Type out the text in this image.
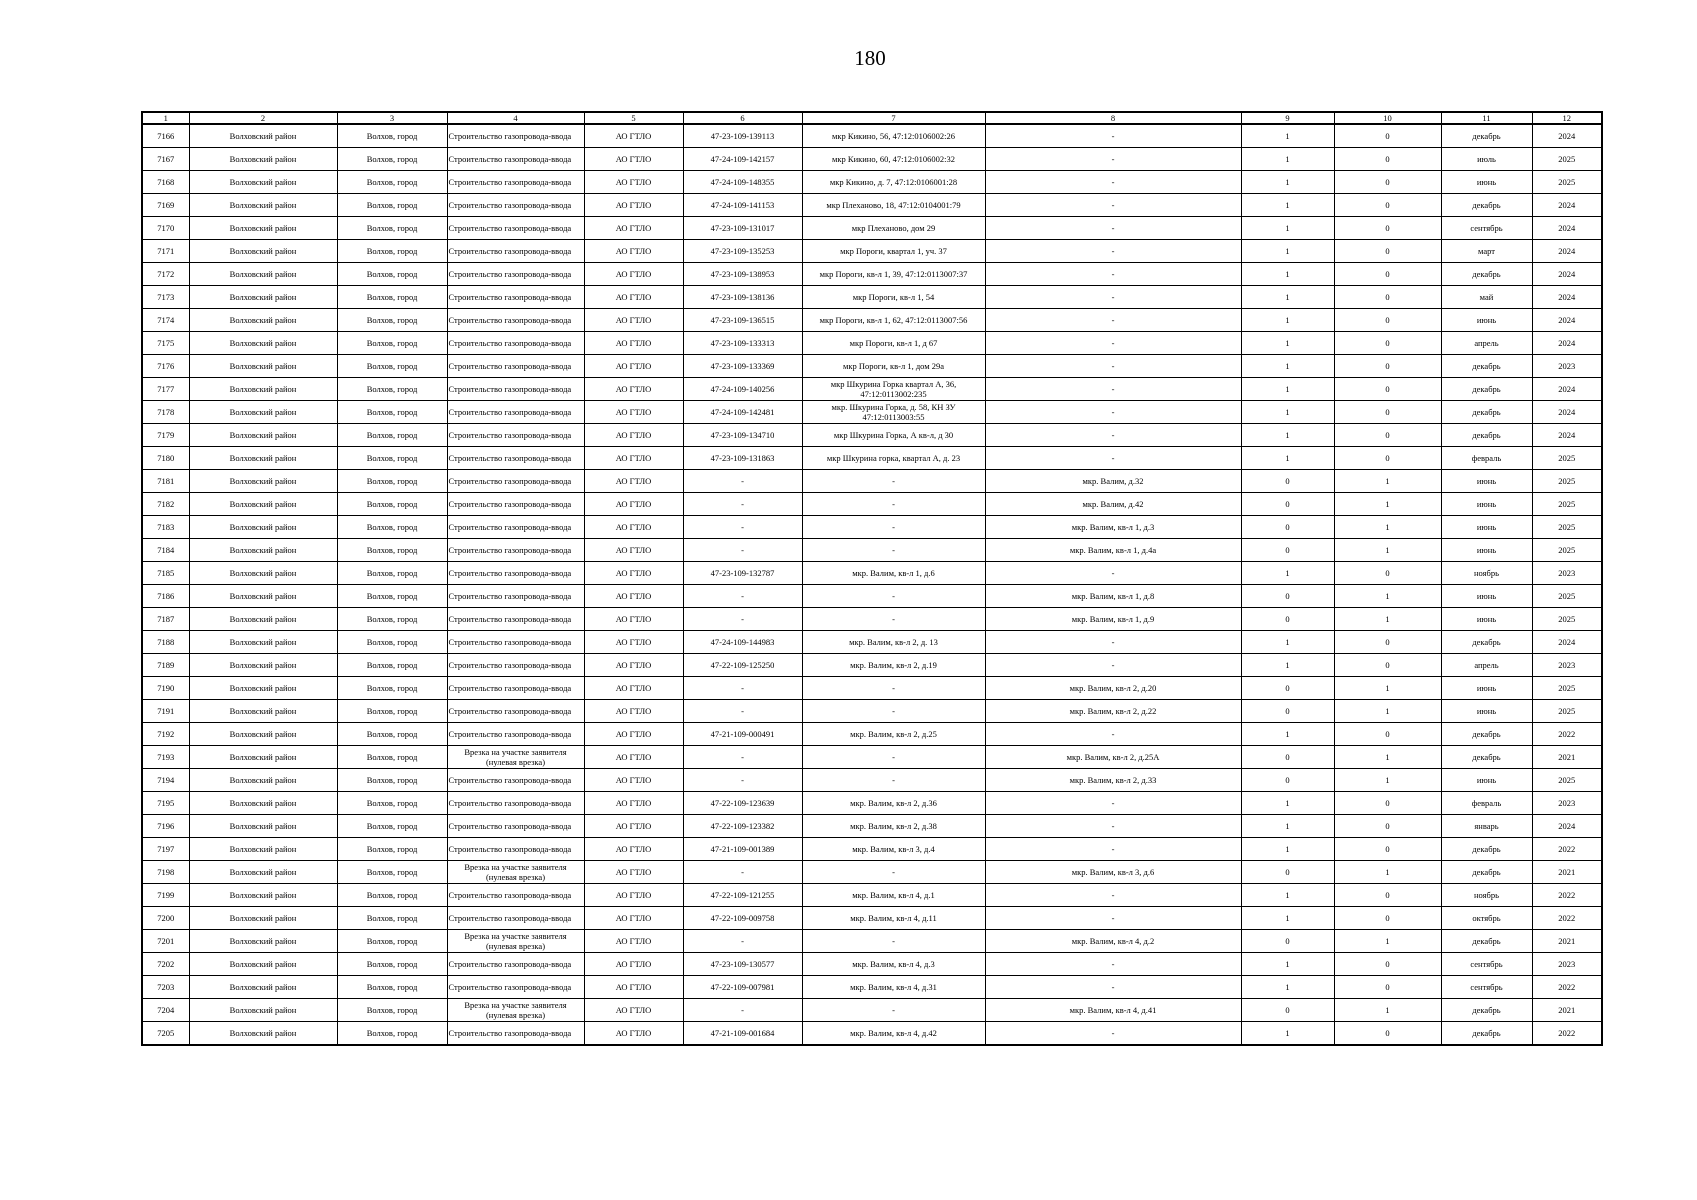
180
1	2	3	4	5	6	7	8	9	10	11	12
7166	Волховский район	Волхов, город	Строительство газопровода-ввода	АО ГТЛО	47-23-109-139113	мкр Кикино, 56, 47:12:0106002:26	-	1	0	декабрь	2024
7167	Волховский район	Волхов, город	Строительство газопровода-ввода	АО ГТЛО	47-24-109-142157	мкр Кикино, 60, 47:12:0106002:32	-	1	0	июль	2025
7168	Волховский район	Волхов, город	Строительство газопровода-ввода	АО ГТЛО	47-24-109-148355	мкр Кикино, д. 7, 47:12:0106001:28	-	1	0	июнь	2025
7169	Волховский район	Волхов, город	Строительство газопровода-ввода	АО ГТЛО	47-24-109-141153	мкр Плеханово, 18, 47:12:0104001:79	-	1	0	декабрь	2024
7170	Волховский район	Волхов, город	Строительство газопровода-ввода	АО ГТЛО	47-23-109-131017	мкр Плеханово, дом 29	-	1	0	сентябрь	2024
7171	Волховский район	Волхов, город	Строительство газопровода-ввода	АО ГТЛО	47-23-109-135253	мкр Пороги, квартал 1, уч. 37	-	1	0	март	2024
7172	Волховский район	Волхов, город	Строительство газопровода-ввода	АО ГТЛО	47-23-109-138953	мкр Пороги, кв-л 1, 39, 47:12:0113007:37	-	1	0	декабрь	2024
7173	Волховский район	Волхов, город	Строительство газопровода-ввода	АО ГТЛО	47-23-109-138136	мкр Пороги, кв-л 1, 54	-	1	0	май	2024
7174	Волховский район	Волхов, город	Строительство газопровода-ввода	АО ГТЛО	47-23-109-136515	мкр Пороги, кв-л 1, 62, 47:12:0113007:56	-	1	0	июнь	2024
7175	Волховский район	Волхов, город	Строительство газопровода-ввода	АО ГТЛО	47-23-109-133313	мкр Пороги, кв-л 1, д 67	-	1	0	апрель	2024
7176	Волховский район	Волхов, город	Строительство газопровода-ввода	АО ГТЛО	47-23-109-133369	мкр Пороги, кв-л 1, дом 29а	-	1	0	декабрь	2023
7177	Волховский район	Волхов, город	Строительство газопровода-ввода	АО ГТЛО	47-24-109-140256	мкр Шкурина Горка квартал А, 36, 47:12:0113002:235	-	1	0	декабрь	2024
7178	Волховский район	Волхов, город	Строительство газопровода-ввода	АО ГТЛО	47-24-109-142481	мкр. Шкурина Горка, д. 58, КН ЗУ 47:12:0113003:55	-	1	0	декабрь	2024
7179	Волховский район	Волхов, город	Строительство газопровода-ввода	АО ГТЛО	47-23-109-134710	мкр Шкурина Горка, А кв-л, д 30	-	1	0	декабрь	2024
7180	Волховский район	Волхов, город	Строительство газопровода-ввода	АО ГТЛО	47-23-109-131863	мкр Шкурина горка, квартал А, д. 23	-	1	0	февраль	2025
7181	Волховский район	Волхов, город	Строительство газопровода-ввода	АО ГТЛО	-	-	мкр. Валим, д.32	0	1	июнь	2025
7182	Волховский район	Волхов, город	Строительство газопровода-ввода	АО ГТЛО	-	-	мкр. Валим, д.42	0	1	июнь	2025
7183	Волховский район	Волхов, город	Строительство газопровода-ввода	АО ГТЛО	-	-	мкр. Валим, кв-л 1, д.3	0	1	июнь	2025
7184	Волховский район	Волхов, город	Строительство газопровода-ввода	АО ГТЛО	-	-	мкр. Валим, кв-л 1, д.4а	0	1	июнь	2025
7185	Волховский район	Волхов, город	Строительство газопровода-ввода	АО ГТЛО	47-23-109-132787	мкр. Валим, кв-л 1, д.6	-	1	0	ноябрь	2023
7186	Волховский район	Волхов, город	Строительство газопровода-ввода	АО ГТЛО	-	-	мкр. Валим, кв-л 1, д.8	0	1	июнь	2025
7187	Волховский район	Волхов, город	Строительство газопровода-ввода	АО ГТЛО	-	-	мкр. Валим, кв-л 1, д.9	0	1	июнь	2025
7188	Волховский район	Волхов, город	Строительство газопровода-ввода	АО ГТЛО	47-24-109-144983	мкр. Валим, кв-л 2, д. 13	-	1	0	декабрь	2024
7189	Волховский район	Волхов, город	Строительство газопровода-ввода	АО ГТЛО	47-22-109-125250	мкр. Валим, кв-л 2, д.19	-	1	0	апрель	2023
7190	Волховский район	Волхов, город	Строительство газопровода-ввода	АО ГТЛО	-	-	мкр. Валим, кв-л 2, д.20	0	1	июнь	2025
7191	Волховский район	Волхов, город	Строительство газопровода-ввода	АО ГТЛО	-	-	мкр. Валим, кв-л 2, д.22	0	1	июнь	2025
7192	Волховский район	Волхов, город	Строительство газопровода-ввода	АО ГТЛО	47-21-109-000491	мкр. Валим, кв-л 2, д.25	-	1	0	декабрь	2022
7193	Волховский район	Волхов, город	Врезка на участке заявителя (нулевая врезка)	АО ГТЛО	-	-	мкр. Валим, кв-л 2, д.25А	0	1	декабрь	2021
7194	Волховский район	Волхов, город	Строительство газопровода-ввода	АО ГТЛО	-	-	мкр. Валим, кв-л 2, д.33	0	1	июнь	2025
7195	Волховский район	Волхов, город	Строительство газопровода-ввода	АО ГТЛО	47-22-109-123639	мкр. Валим, кв-л 2, д.36	-	1	0	февраль	2023
7196	Волховский район	Волхов, город	Строительство газопровода-ввода	АО ГТЛО	47-22-109-123382	мкр. Валим, кв-л 2, д.38	-	1	0	январь	2024
7197	Волховский район	Волхов, город	Строительство газопровода-ввода	АО ГТЛО	47-21-109-001389	мкр. Валим, кв-л 3, д.4	-	1	0	декабрь	2022
7198	Волховский район	Волхов, город	Врезка на участке заявителя (нулевая врезка)	АО ГТЛО	-	-	мкр. Валим, кв-л 3, д.6	0	1	декабрь	2021
7199	Волховский район	Волхов, город	Строительство газопровода-ввода	АО ГТЛО	47-22-109-121255	мкр. Валим, кв-л 4, д.1	-	1	0	ноябрь	2022
7200	Волховский район	Волхов, город	Строительство газопровода-ввода	АО ГТЛО	47-22-109-009758	мкр. Валим, кв-л 4, д.11	-	1	0	октябрь	2022
7201	Волховский район	Волхов, город	Врезка на участке заявителя (нулевая врезка)	АО ГТЛО	-	-	мкр. Валим, кв-л 4, д.2	0	1	декабрь	2021
7202	Волховский район	Волхов, город	Строительство газопровода-ввода	АО ГТЛО	47-23-109-130577	мкр. Валим, кв-л 4, д.3	-	1	0	сентябрь	2023
7203	Волховский район	Волхов, город	Строительство газопровода-ввода	АО ГТЛО	47-22-109-007981	мкр. Валим, кв-л 4, д.31	-	1	0	сентябрь	2022
7204	Волховский район	Волхов, город	Врезка на участке заявителя (нулевая врезка)	АО ГТЛО	-	-	мкр. Валим, кв-л 4, д.41	0	1	декабрь	2021
7205	Волховский район	Волхов, город	Строительство газопровода-ввода	АО ГТЛО	47-21-109-001684	мкр. Валим, кв-л 4, д.42	-	1	0	декабрь	2022
